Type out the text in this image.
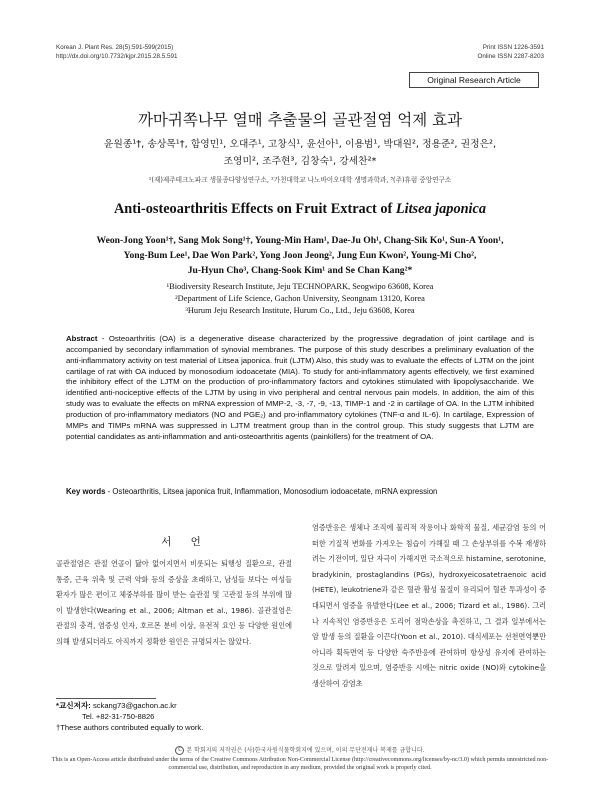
Korean J. Plant Res. 28(5):591-599(2015)
http://dx.doi.org/10.7732/kjpr.2015.28.5.591
Print ISSN 1226-3591
Online ISSN 2287-8203
Original Research Article
까마귀쪽나무 열매 추출물의 골관절염 억제 효과
윤원종¹†, 송상목¹†, 함영민¹, 오대주¹, 고창식¹, 윤선아¹, 이용범¹, 박대원², 정용준², 권정은²,
조영미², 조주현³, 김창숙¹, 강세찬²*
¹(재)제주테크노파크 생물종다양성연구소, ²가천대학교 나노바이오대학 생명과학과, ³(주)휴럼 중앙연구소
Anti-osteoarthritis Effects on Fruit Extract of Litsea japonica
Weon-Jong Yoon¹†, Sang Mok Song¹†, Young-Min Ham¹, Dae-Ju Oh¹, Chang-Sik Ko¹, Sun-A Yoon¹,
Yong-Bum Lee¹, Dae Won Park², Yong Joon Jeong², Jung Eun Kwon², Young-Mi Cho²,
Ju-Hyun Cho³, Chang-Sook Kim¹ and Se Chan Kang²*
¹Biodiversity Research Institute, Jeju TECHNOPARK, Seogwipo 63608, Korea
²Department of Life Science, Gachon University, Seongnam 13120, Korea
³Hurum Jeju Research Institute, Hurum Co., Ltd., Jeju 63608, Korea
Abstract - Osteoarthritis (OA) is a degenerative disease characterized by the progressive degradation of joint cartilage and is accompanied by secondary inflammation of synovial membranes. The purpose of this study describes a preliminary evaluation of the anti-inflammatory activity on test material of Litsea japonica. fruit (LJTM) Also, this study was to evaluate the effects of LJTM on the joint cartilage of rat with OA induced by monosodium iodoacetate (MIA). To study for anti-inflammatory agents effectively, we first examined the inhibitory effect of the LJTM on the production of pro-inflammatory factors and cytokines stimulated with lipopolysaccharide. We identified anti-nociceptive effects of the LJTM by using in vivo peripheral and central nervous pain models. In addition, the aim of this study was to evaluate the effects on mRNA expression of MMP-2, -3, -7, -9, -13, TIMP-1 and -2 in cartilage of OA. In the LJTM inhibited production of pro-inflammatory mediators (NO and PGE₂) and pro-inflammatory cytokines (TNF-α and IL-6). In cartilage, Expression of MMPs and TIMPs mRNA was suppressed in LJTM treatment group than in the control group. This study suggests that LJTM are potential candidates as anti-inflammation and anti-osteoarthritis agents (painkillers) for the treatment of OA.
Key words - Osteoarthritis, Litsea japonica fruit, Inflammation, Monosodium iodoacetate, mRNA expression
서 언
골관절염은 관절 연골이 닳아 없어지면서 비롯되는 퇴행성 질환으로, 관절 통증, 근육 위축 및 근력 약화 등의 증상을 초래하고, 남성들 보다는 여성들 환자가 많은 편이고 체중부하를 많이 받는 슬관절 및 고관절 등의 부위에 많이 발생한다(Wearing et al., 2006; Altman et al., 1986). 골관절염은 관절의 충격, 염증성 인자, 호르몬 분비 이상, 유전적 요인 등 다양한 원인에 의해 발생되더라도 아직까지 정확한 원인은 규명되지는 않았다.
염증반응은 생체나 조직에 물리적 작용이나 화학적 물질, 세균감염 등의 어떠한 기질적 변화를 가져오는 침습이 가해질 때 그 손상부위를 수복 재생하려는 기전이며, 일단 자극이 가해지면 국소적으로 histamine, serotonine, bradykinin, prostaglandins (PGs), hydroxyeicosatetraenoic acid (HETE), leukotriene과 같은 혈관 활성 물질이 유리되어 혈관 투과성이 증대되면서 염증을 유발한다(Lee et al., 2006; Tizard et al., 1986). 그러나 지속적인 염증반응은 도리어 점막손상을 촉진하고, 그 결과 일부에서는 암 발생 등의 질환을 이끈다(Yoon et al., 2010). 대식세포는 선천면역뿐만 아니라 획득면역 등 다양한 숙주반응에 관여하며 항상성 유지에 관여하는 것으로 알려져 있으며, 염증반응 시에는 nitric oxide (NO)와 cytokine을 생산하여 감염초
*교신저자: sckang73@gachon.ac.kr
Tel. +82-31-750-8826
†These authors contributed equally to work.
C 본 학회지의 저작권은 (사)한국자원식물학회지에 있으며, 이의 무단전재나 복제를 금합니다.
This is an Open-Access article distributed under the terms of the Creative Commons Attribution Non-Commercial License (http://creativecommons.org/licenses/by-nc/3.0) which permits unrestricted non-commercial use, distribution, and reproduction in any medium, provided the original work is properly cited.
